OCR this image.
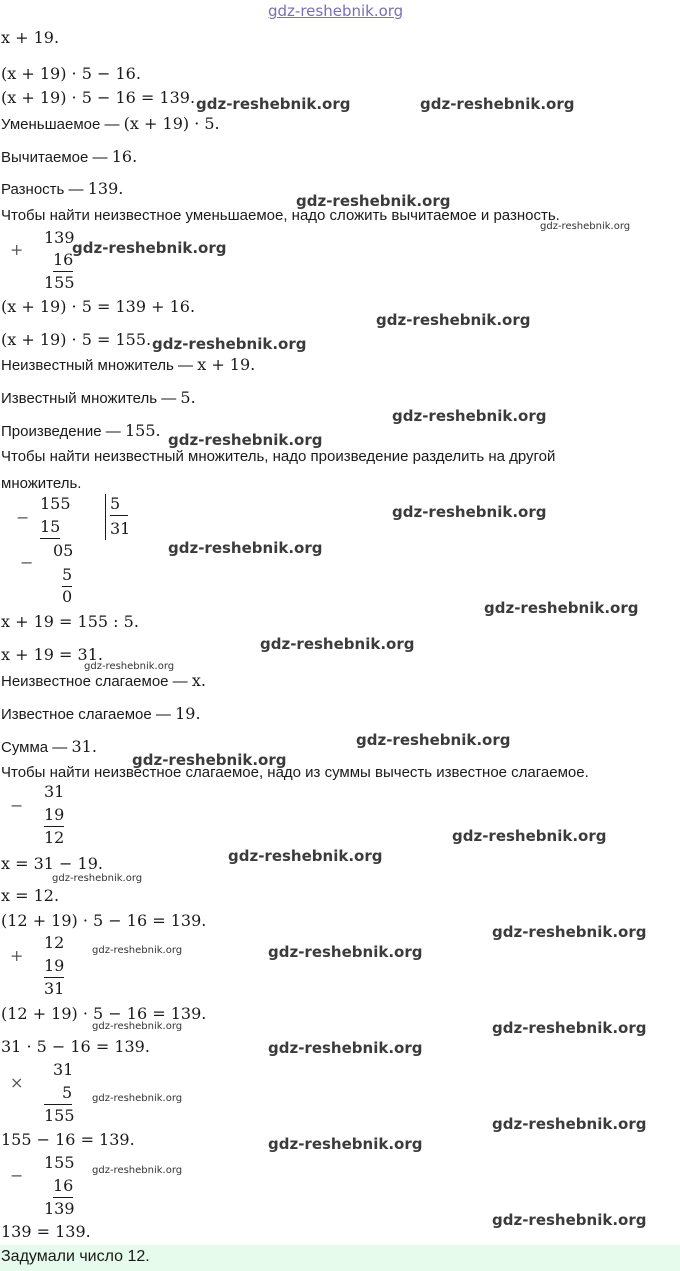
gdz-reshebnik.org
x + 19.
(x + 19) · 5 − 16.
(x + 19) · 5 − 16 = 139.
Уменьшаемое — (x + 19) · 5.
Вычитаемое — 16.
Разность — 139.
Чтобы найти неизвестное уменьшаемое, надо сложить вычитаемое и разность.
+
139
16
155
(x + 19) · 5 = 139 + 16.
(x + 19) · 5 = 155.
Неизвестный множитель — x + 19.
Известный множитель — 5.
Произведение — 155.
Чтобы найти неизвестный множитель, надо произведение разделить на другой
множитель.
−
155
15
−
05
5
0
5
31
x + 19 = 155 : 5.
x + 19 = 31.
Неизвестное слагаемое — x.
Известное слагаемое — 19.
Сумма — 31.
Чтобы найти неизвестное слагаемое, надо из суммы вычесть известное слагаемое.
−
31
19
12
x = 31 − 19.
x = 12.
(12 + 19) · 5 − 16 = 139.
+
12
19
31
(12 + 19) · 5 − 16 = 139.
31 · 5 − 16 = 139.
×
31
5
155
155 − 16 = 139.
−
155
16
139
139 = 139.
Задумали число 12.
gdz-reshebnik.org	gdz-reshebnik.org
gdz-reshebnik.org
gdz-reshebnik.org
gdz-reshebnik.org
gdz-reshebnik.org
gdz-reshebnik.org
gdz-reshebnik.org
gdz-reshebnik.org
gdz-reshebnik.org
gdz-reshebnik.org
gdz-reshebnik.org
gdz-reshebnik.org
gdz-reshebnik.org
gdz-reshebnik.org
gdz-reshebnik.org
gdz-reshebnik.org
gdz-reshebnik.org
gdz-reshebnik.org
gdz-reshebnik.org
gdz-reshebnik.org	gdz-reshebnik.org
gdz-reshebnik.org
gdz-reshebnik.org
gdz-reshebnik.org
gdz-reshebnik.org
gdz-reshebnik.org
gdz-reshebnik.org
gdz-reshebnik.org
gdz-reshebnik.org
